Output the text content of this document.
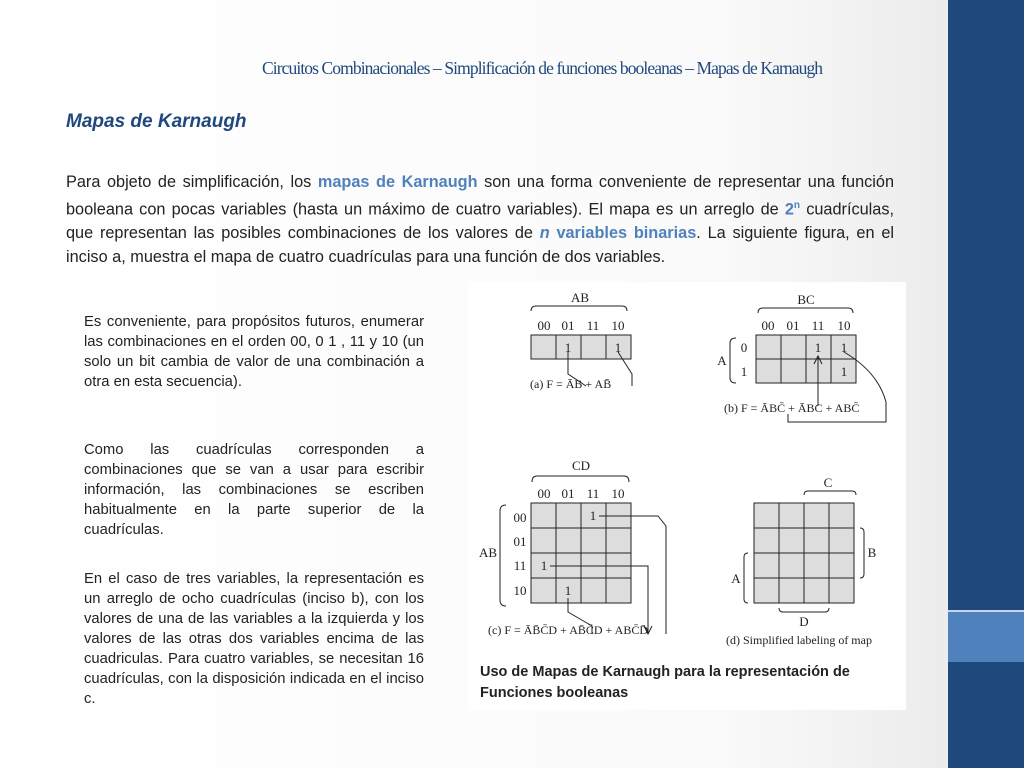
Circuitos Combinacionales – Simplificación de funciones booleanas – Mapas de Karnaugh
Mapas de Karnaugh
Para objeto de simplificación, los mapas de Karnaugh son una forma conveniente de representar una función booleana con pocas variables (hasta un máximo de cuatro variables). El mapa es un arreglo de 2$^n$ cuadrículas, que representan las posibles combinaciones de los valores de n variables binarias. La siguiente figura, en el inciso a, muestra el mapa de cuatro cuadrículas para una función de dos variables.
Es conveniente, para propósitos futuros, enumerar las combinaciones en el orden 00, 0 1 , 11 y 10 (un solo un bit cambia de valor de una combinación a otra en esta secuencia).
Como las cuadrículas corresponden a combinaciones que se van a usar para escribir información, las combinaciones se escriben habitualmente en la parte superior de la cuadrículas.
En el caso de tres variables, la representación es un arreglo de ocho cuadrículas (inciso b), con los valores de una de las variables a la izquierda y los valores de las otras dos variables encima de las cuadriculas. Para cuatro variables, se necesitan 16 cuadrículas, con la disposición indicada en el inciso c.
AB
00 01 11 10
1	1
(a) F = ĀB + AB̄
BC
00 01 11 10
A
0
1
1 1
1
(b) F = ĀBC̄ + ĀBC + ABC̄
CD
00 01 11 10
AB
00
01
11
10
1
1
1
(c) F = ĀB̄C̄D + AB̄C̄D + ABC̄D̄
C
B
A
D
(d) Simplified labeling of map
Uso de Mapas de Karnaugh para la representación de Funciones booleanas
